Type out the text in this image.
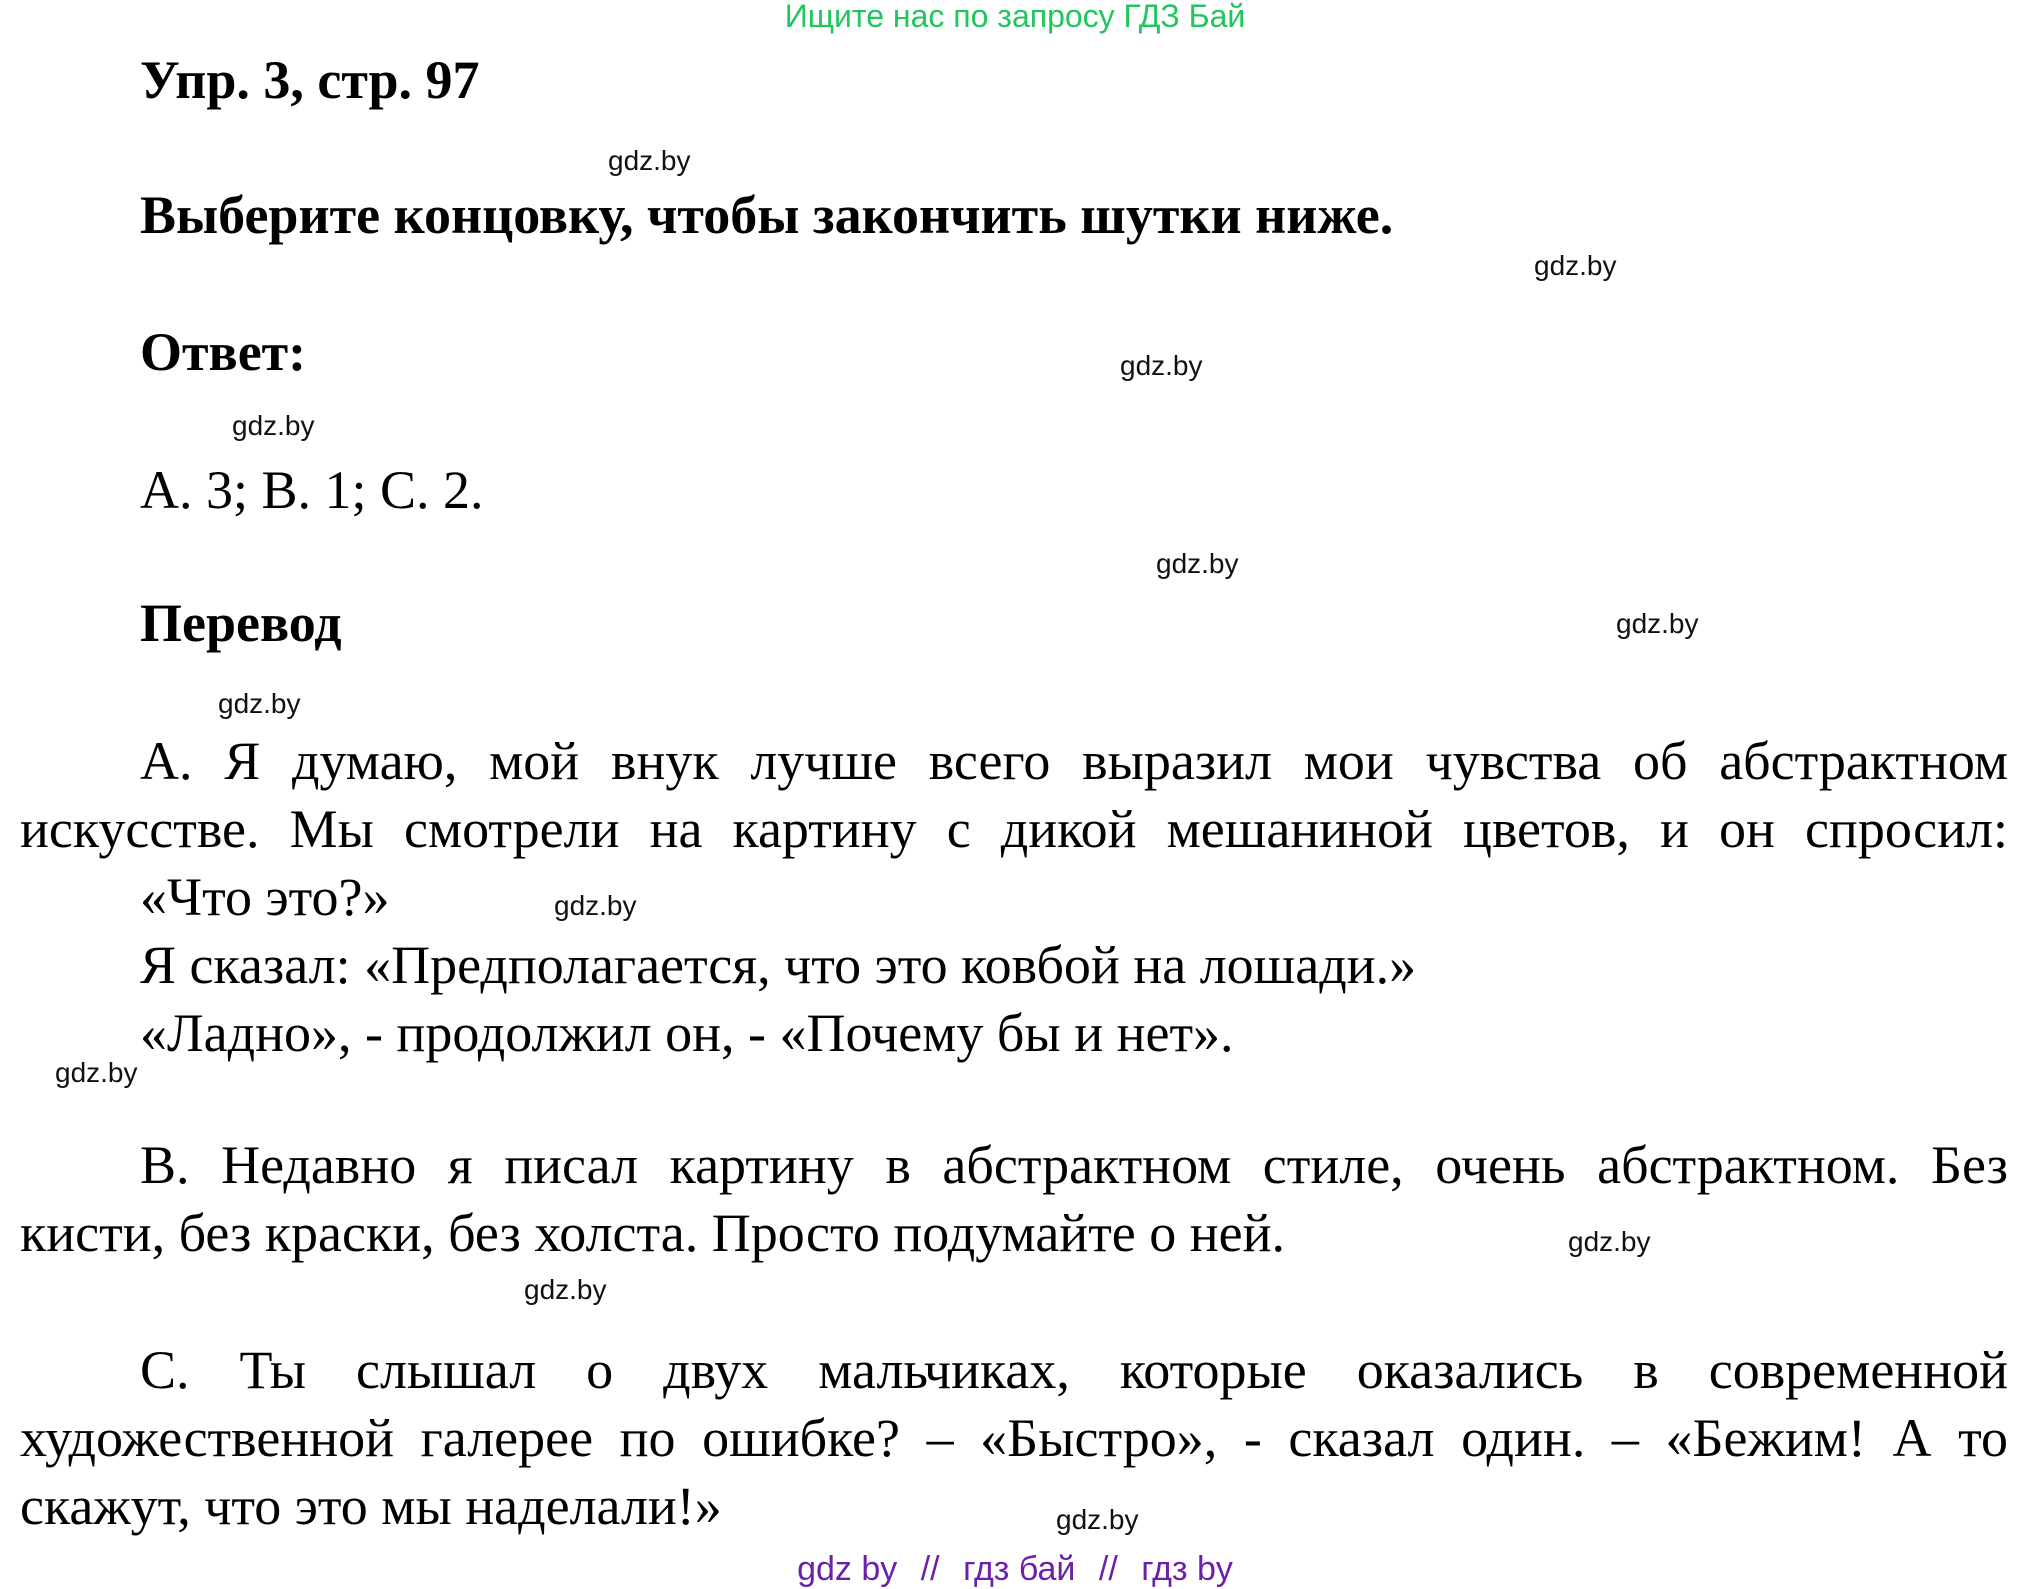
Ищите нас по запросу ГДЗ Бай
Упр. 3, стр. 97
gdz.by
Выберите концовку, чтобы закончить шутки ниже.
gdz.by
Ответ:	gdz.by
gdz.by
A. 3; B. 1; C. 2.
gdz.by
Перевод	gdz.by
gdz.by
A. Я думаю, мой внук лучше всего выразил мои чувства об абстрактном
искусстве. Мы смотрели на картину с дикой мешаниной цветов, и он спросил:
«Что это?»	gdz.by
Я сказал: «Предполагается, что это ковбой на лошади.»
«Ладно», - продолжил он, - «Почему бы и нет».
gdz.by
B. Недавно я писал картину в абстрактном стиле, очень абстрактном. Без
кисти, без краски, без холста. Просто подумайте о ней.	gdz.by
gdz.by
C. Ты слышал о двух мальчиках, которые оказались в современной
художественной галерее по ошибке? – «Быстро», - сказал один. – «Бежим! А то
скажут, что это мы наделали!»	gdz.by
gdz by // гдз бай // гдз by
